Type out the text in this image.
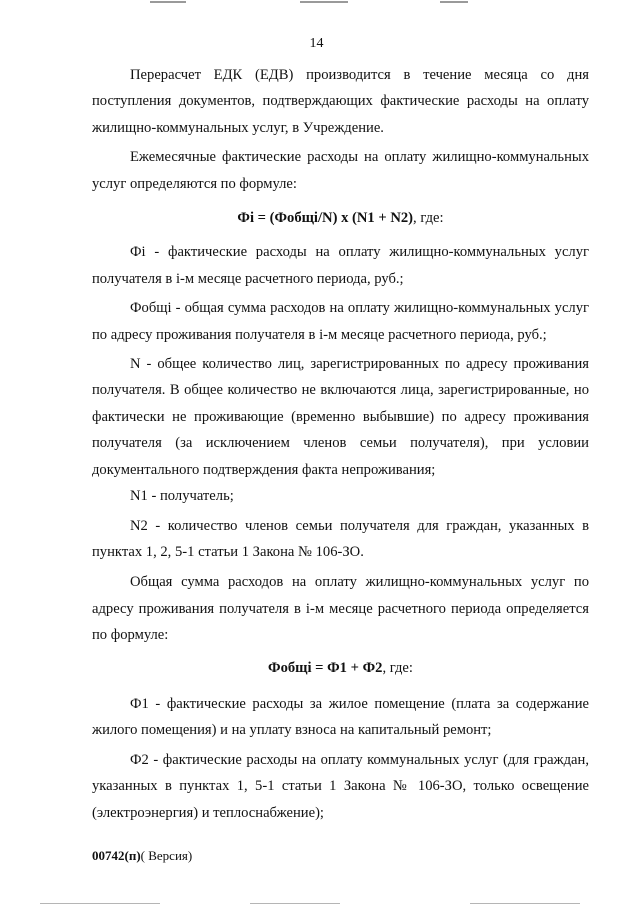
14

Перерасчет ЕДК (ЕДВ) производится в течение месяца со дня поступления документов, подтверждающих фактические расходы на оплату жилищно-коммунальных услуг, в Учреждение.

Ежемесячные фактические расходы на оплату жилищно-коммунальных услуг определяются по формуле:

Фi = (Фобщi/N) x (N1 + N2), где:

Фi - фактические расходы на оплату жилищно-коммунальных услуг получателя в i-м месяце расчетного периода, руб.;

Фобщi - общая сумма расходов на оплату жилищно-коммунальных услуг по адресу проживания получателя в i-м месяце расчетного периода, руб.;

N - общее количество лиц, зарегистрированных по адресу проживания получателя. В общее количество не включаются лица, зарегистрированные, но фактически не проживающие (временно выбывшие) по адресу проживания получателя (за исключением членов семьи получателя), при условии документального подтверждения факта непроживания;

N1 - получатель;

N2 - количество членов семьи получателя для граждан, указанных в пунктах 1, 2, 5-1 статьи 1 Закона № 106-ЗО.

Общая сумма расходов на оплату жилищно-коммунальных услуг по адресу проживания получателя в i-м месяце расчетного периода определяется по формуле:

Фобщi = Ф1 + Ф2, где:

Ф1 - фактические расходы за жилое помещение (плата за содержание жилого помещения) и на уплату взноса на капитальный ремонт;

Ф2 - фактические расходы на оплату коммунальных услуг (для граждан, указанных в пунктах 1, 5-1 статьи 1 Закона № 106-ЗО, только освещение (электроэнергия) и теплоснабжение);

00742(п)( Версия)
